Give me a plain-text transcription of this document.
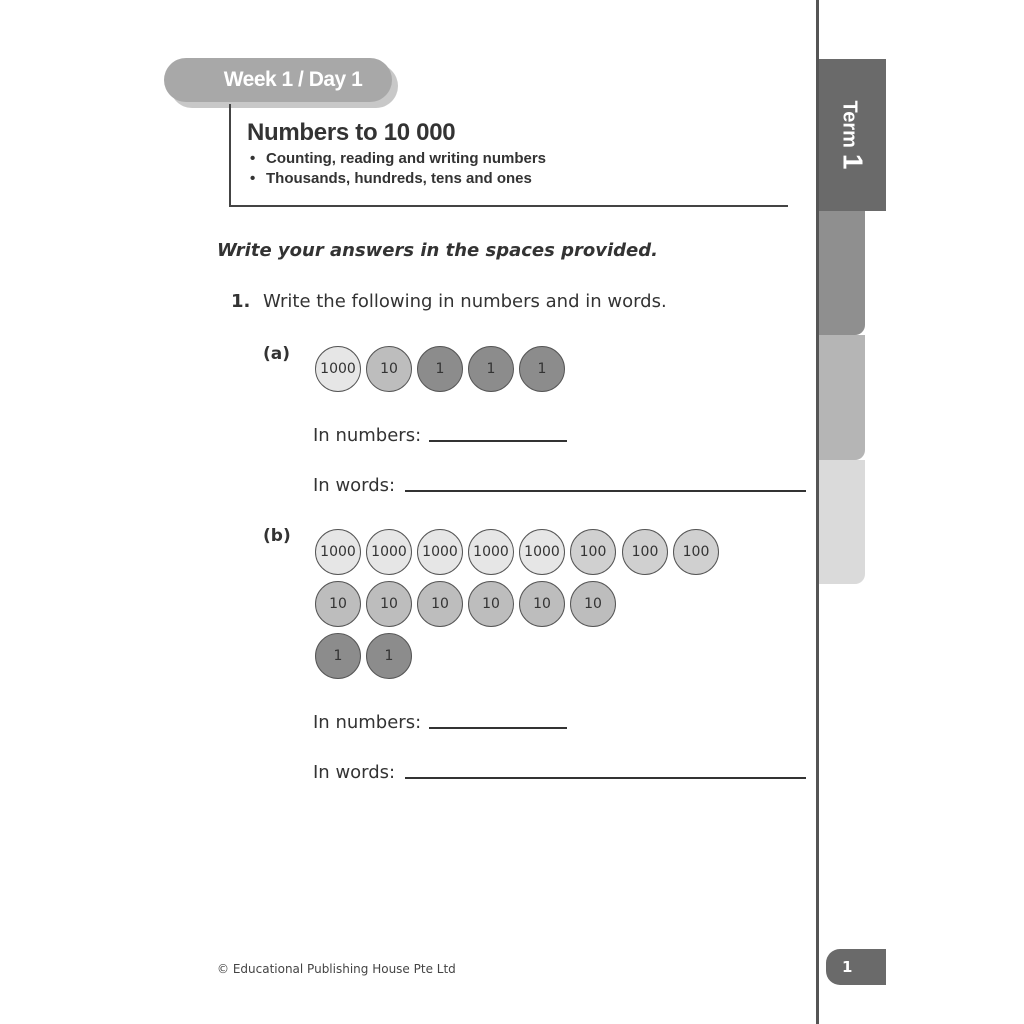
Week 1 / Day 1
Numbers to 10 000
• Counting, reading and writing numbers
• Thousands, hundreds, tens and ones
Write your answers in the spaces provided.
1. Write the following in numbers and in words.
(a)
1000	10	1	1	1
In numbers:
In words:
(b)
1000	1000	1000	1000	1000	100	100	100
10	10	10	10	10	10
1	1
In numbers:
In words:
© Educational Publishing House Pte Ltd
Term1
1
